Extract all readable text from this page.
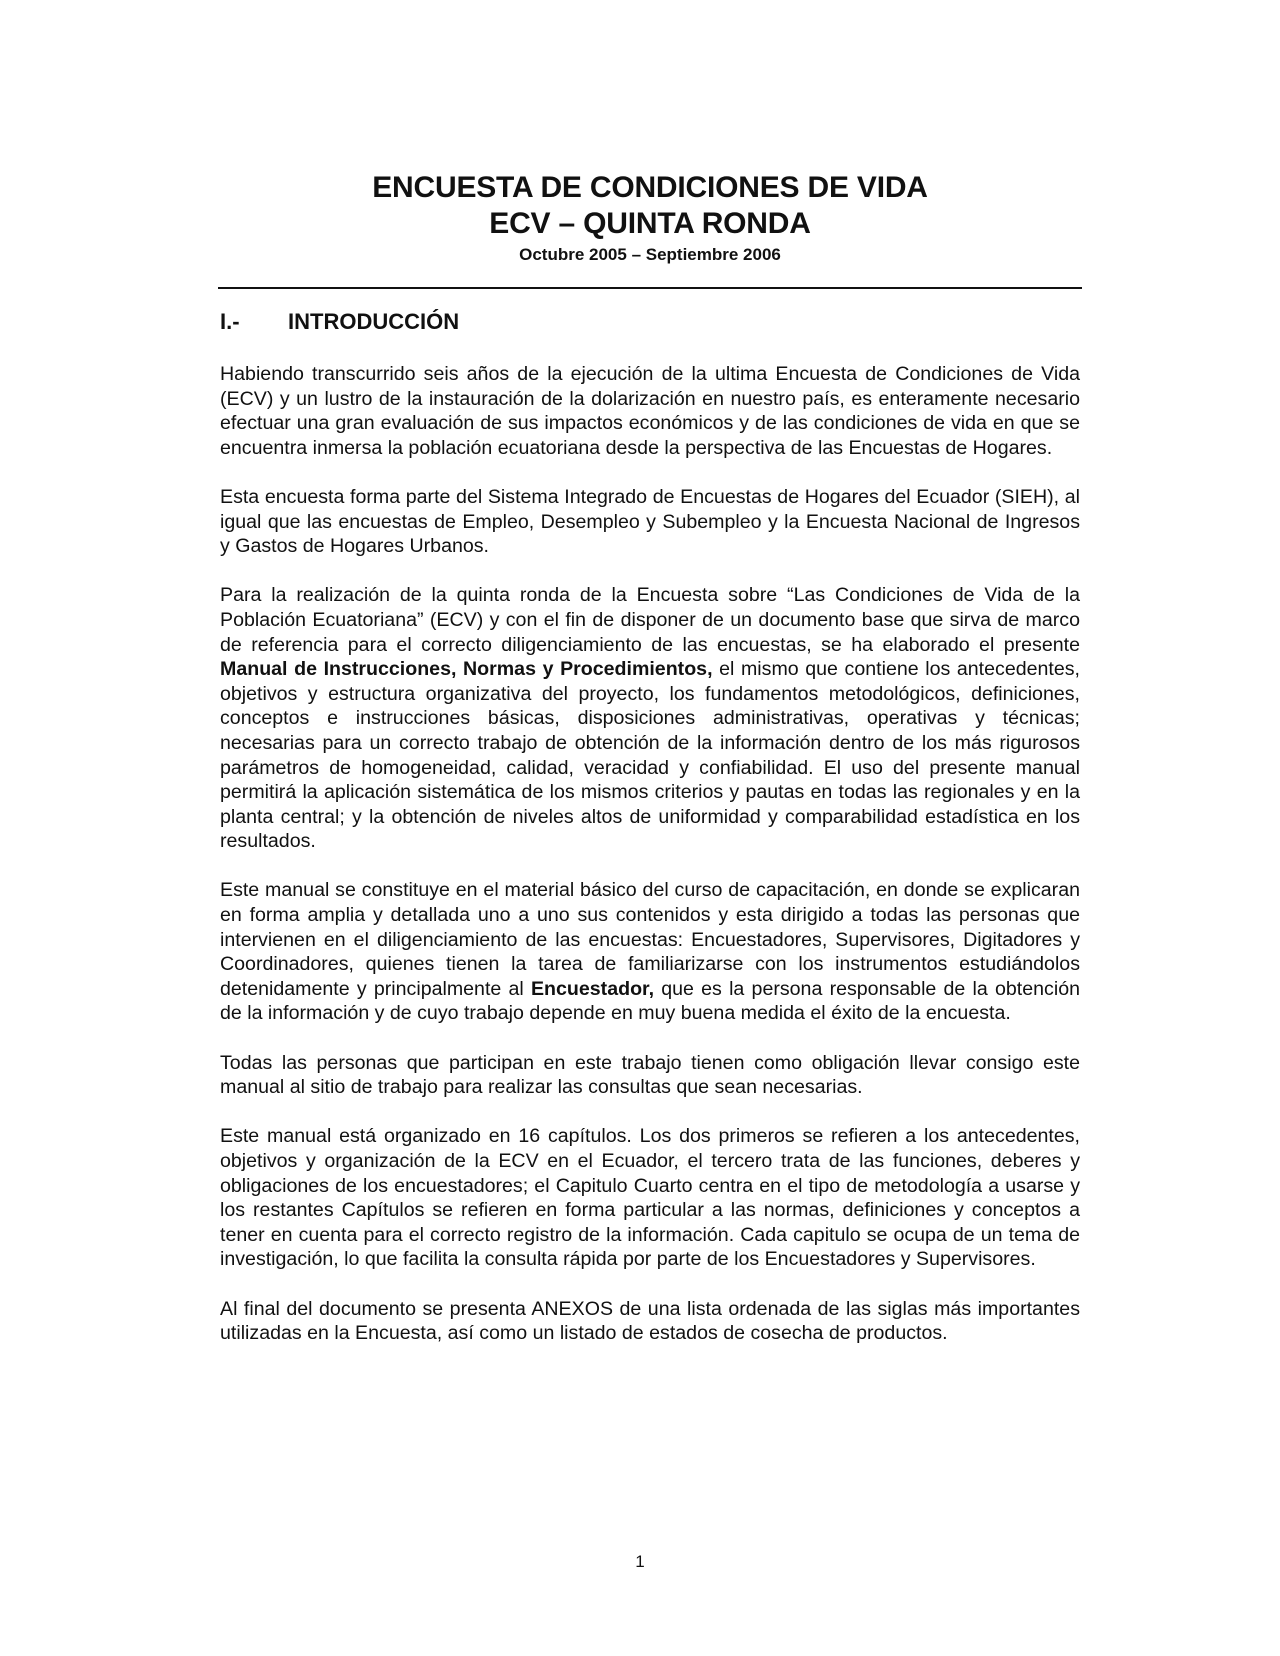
ENCUESTA DE CONDICIONES DE VIDA
ECV – QUINTA RONDA
Octubre 2005 – Septiembre 2006
I.- INTRODUCCIÓN

Habiendo transcurrido seis años de la ejecución de la ultima Encuesta de Condiciones de Vida (ECV) y un lustro de la instauración de la dolarización en nuestro país, es enteramente necesario efectuar una gran evaluación de sus impactos económicos y de las condiciones de vida en que se encuentra inmersa la población ecuatoriana desde la perspectiva de las Encuestas de Hogares.

Esta encuesta forma parte del Sistema Integrado de Encuestas de Hogares del Ecuador (SIEH), al igual que las encuestas de Empleo, Desempleo y Subempleo y la Encuesta Nacional de Ingresos y Gastos de Hogares Urbanos.

Para la realización de la quinta ronda de la Encuesta sobre “Las Condiciones de Vida de la Población Ecuatoriana” (ECV) y con el fin de disponer de un documento base que sirva de marco de referencia para el correcto diligenciamiento de las encuestas, se ha elaborado el presente Manual de Instrucciones, Normas y Procedimientos, el mismo que contiene los antecedentes, objetivos y estructura organizativa del proyecto, los fundamentos metodológicos, definiciones, conceptos e instrucciones básicas, disposiciones administrativas, operativas y técnicas; necesarias para un correcto trabajo de obtención de la información dentro de los más rigurosos parámetros de homogeneidad, calidad, veracidad y confiabilidad. El uso del presente manual permitirá la aplicación sistemática de los mismos criterios y pautas en todas las regionales y en la planta central; y la obtención de niveles altos de uniformidad y comparabilidad estadística en los resultados.

Este manual se constituye en el material básico del curso de capacitación, en donde se explicaran en forma amplia y detallada uno a uno sus contenidos y esta dirigido a todas las personas que intervienen en el diligenciamiento de las encuestas: Encuestadores, Supervisores, Digitadores y Coordinadores, quienes tienen la tarea de familiarizarse con los instrumentos estudiándolos detenidamente y principalmente al Encuestador, que es la persona responsable de la obtención de la información y de cuyo trabajo depende en muy buena medida el éxito de la encuesta.

Todas las personas que participan en este trabajo tienen como obligación llevar consigo este manual al sitio de trabajo para realizar las consultas que sean necesarias.

Este manual está organizado en 16 capítulos. Los dos primeros se refieren a los antecedentes, objetivos y organización de la ECV en el Ecuador, el tercero trata de las funciones, deberes y obligaciones de los encuestadores; el Capitulo Cuarto centra en el tipo de metodología a usarse y los restantes Capítulos se refieren en forma particular a las normas, definiciones y conceptos a tener en cuenta para el correcto registro de la información. Cada capitulo se ocupa de un tema de investigación, lo que facilita la consulta rápida por parte de los Encuestadores y Supervisores.

Al final del documento se presenta ANEXOS de una lista ordenada de las siglas más importantes utilizadas en la Encuesta, así como un listado de estados de cosecha de productos.

1
